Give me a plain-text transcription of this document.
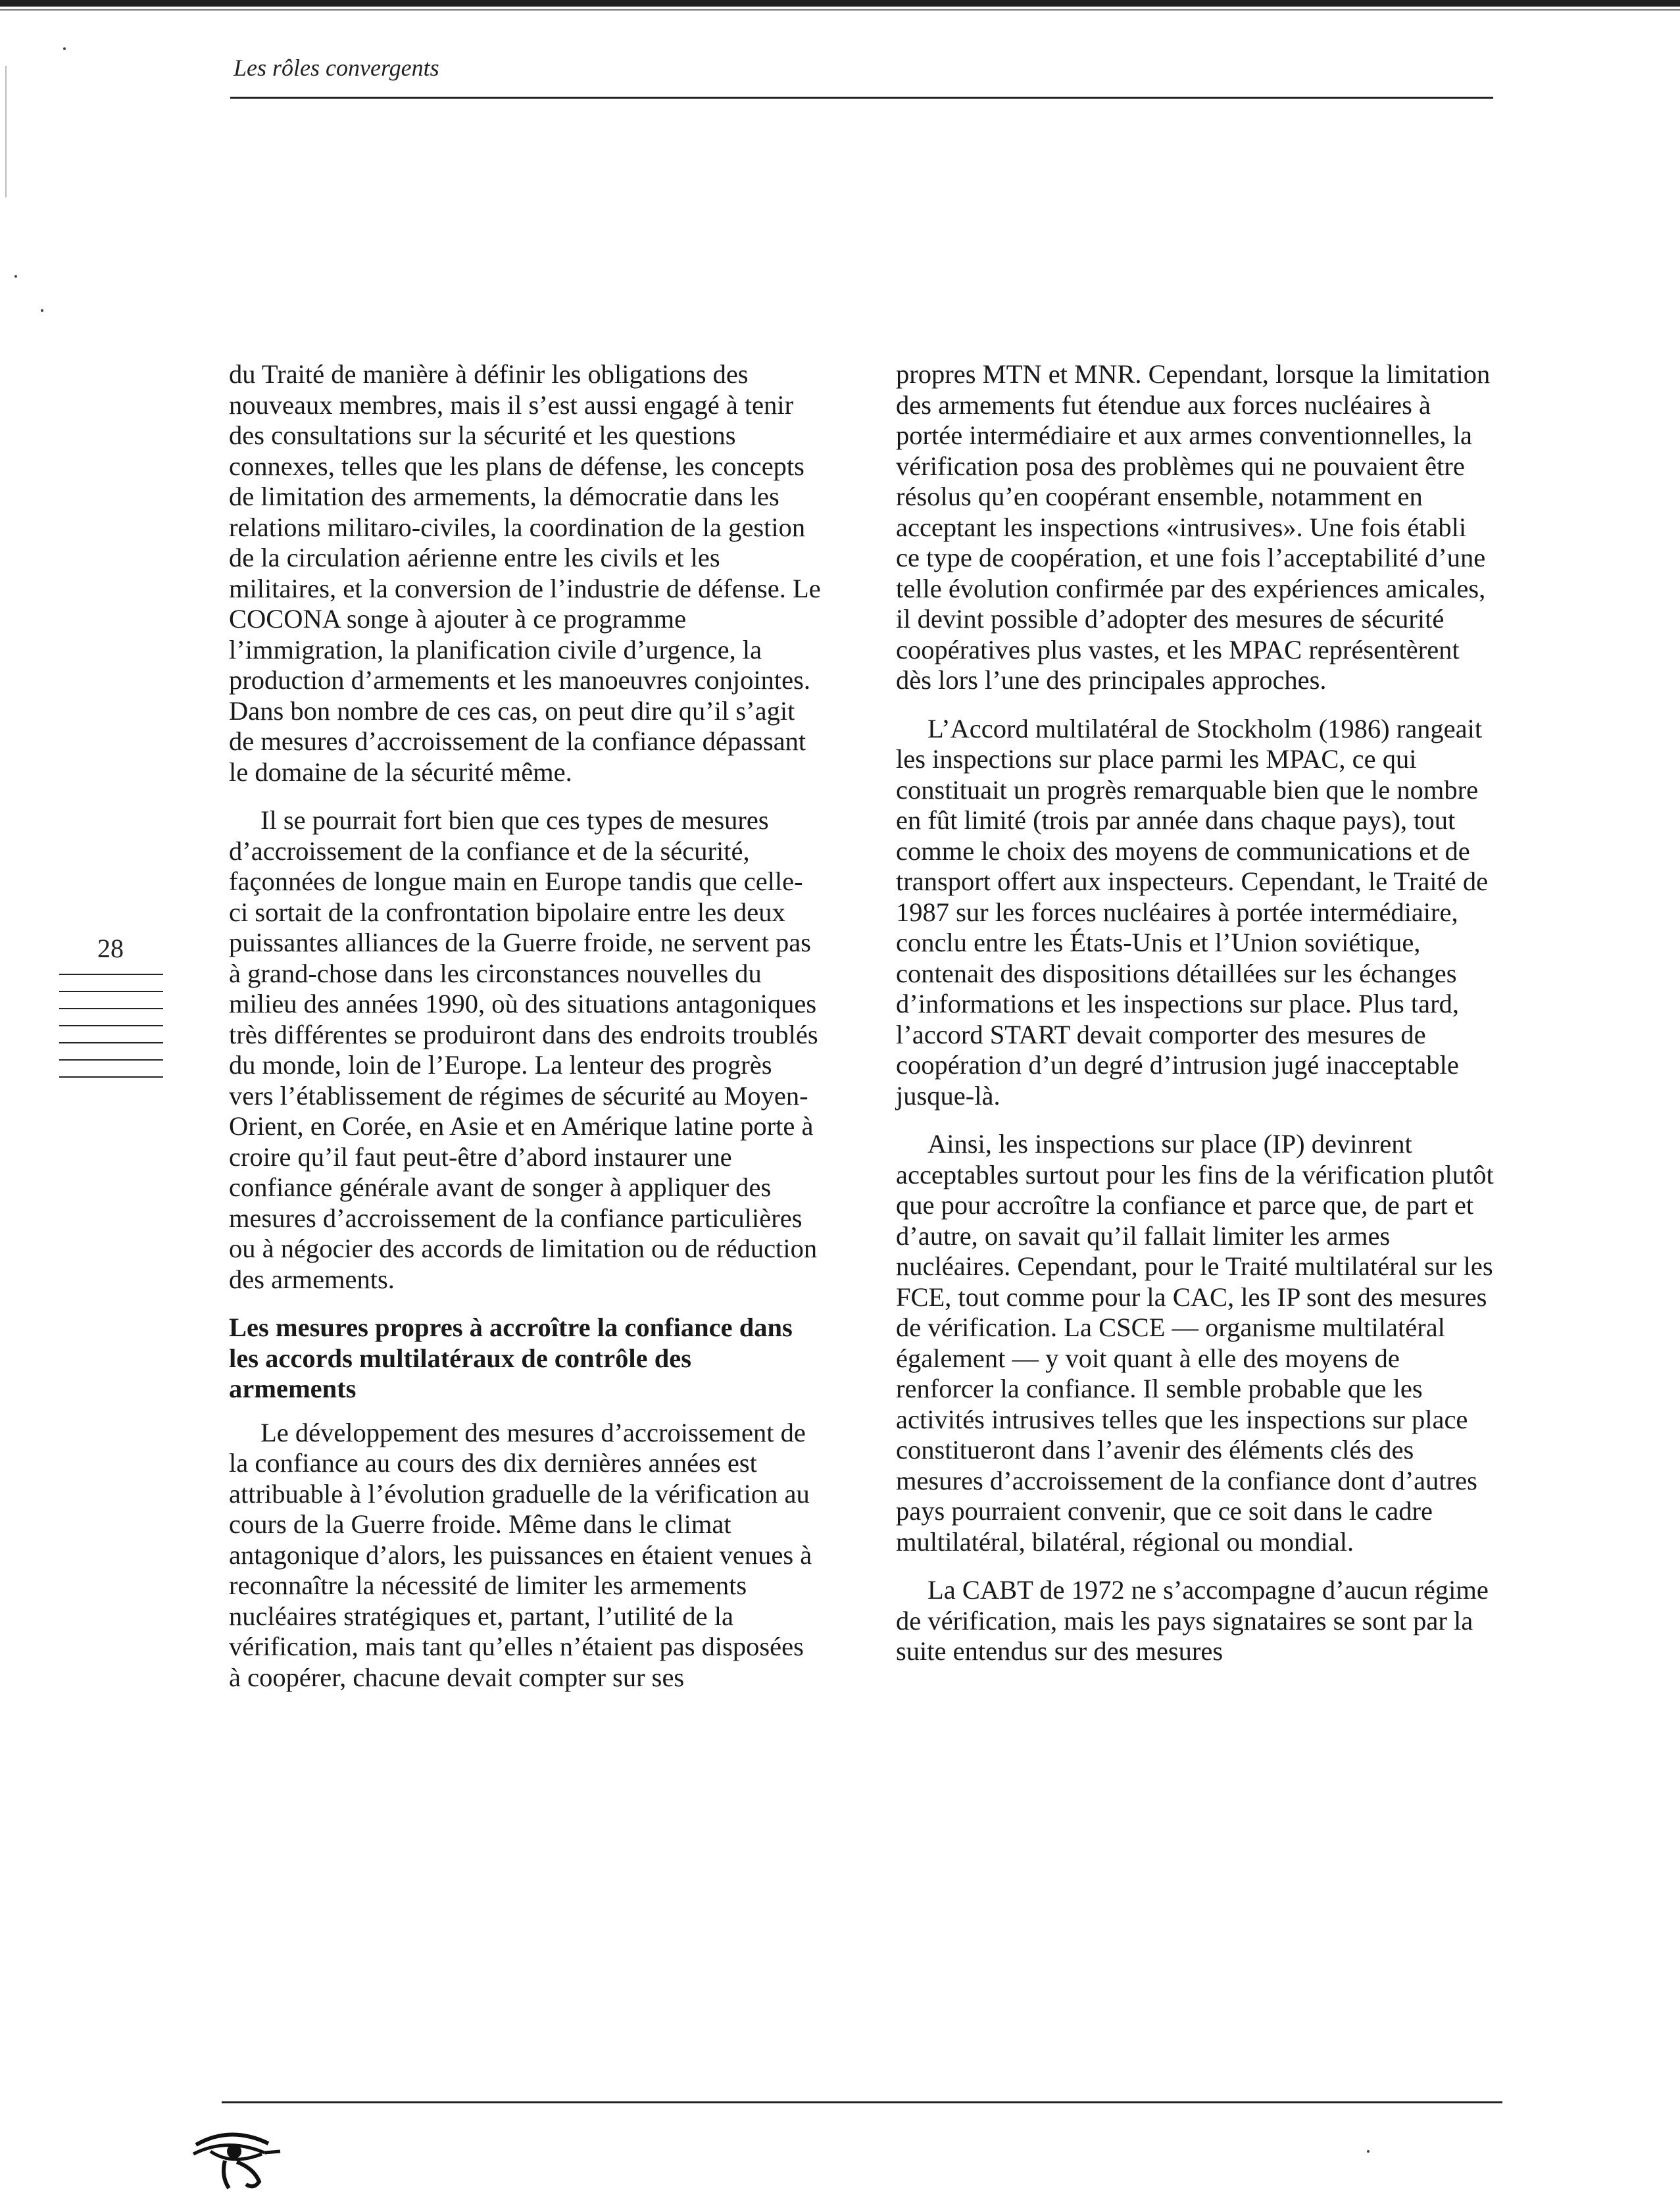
Les rôles convergents

du Traité de manière à définir les obligations des nouveaux membres, mais il s’est aussi engagé à tenir des consultations sur la sécurité et les questions connexes, telles que les plans de défense, les concepts de limitation des armements, la démocratie dans les relations militaro-civiles, la coordination de la gestion de la circulation aérienne entre les civils et les militaires, et la conversion de l’industrie de défense. Le COCONA songe à ajouter à ce programme l’immigration, la planification civile d’urgence, la production d’armements et les manoeuvres conjointes. Dans bon nombre de ces cas, on peut dire qu’il s’agit de mesures d’accroissement de la confiance dépassant le domaine de la sécurité même.

Il se pourrait fort bien que ces types de mesures d’accroissement de la confiance et de la sécurité, façonnées de longue main en Europe tandis que celle-ci sortait de la confrontation bipolaire entre les deux puissantes alliances de la Guerre froide, ne servent pas à grand-chose dans les circonstances nouvelles du milieu des années 1990, où des situations antagoniques très différentes se produiront dans des endroits troublés du monde, loin de l’Europe. La lenteur des progrès vers l’établissement de régimes de sécurité au Moyen-Orient, en Corée, en Asie et en Amérique latine porte à croire qu’il faut peut-être d’abord instaurer une confiance générale avant de songer à appliquer des mesures d’accroissement de la confiance particulières ou à négocier des accords de limitation ou de réduction des armements.

Les mesures propres à accroître la confiance dans les accords multilatéraux de contrôle des armements

Le développement des mesures d’accroissement de la confiance au cours des dix dernières années est attribuable à l’évolution graduelle de la vérification au cours de la Guerre froide. Même dans le climat antagonique d’alors, les puissances en étaient venues à reconnaître la nécessité de limiter les armements nucléaires stratégiques et, partant, l’utilité de la vérification, mais tant qu’elles n’étaient pas disposées à coopérer, chacune devait compter sur ses

propres MTN et MNR. Cependant, lorsque la limitation des armements fut étendue aux forces nucléaires à portée intermédiaire et aux armes conventionnelles, la vérification posa des problèmes qui ne pouvaient être résolus qu’en coopérant ensemble, notamment en acceptant les inspections «intrusives». Une fois établi ce type de coopération, et une fois l’acceptabilité d’une telle évolution confirmée par des expériences amicales, il devint possible d’adopter des mesures de sécurité coopératives plus vastes, et les MPAC représentèrent dès lors l’une des principales approches.

L’Accord multilatéral de Stockholm (1986) rangeait les inspections sur place parmi les MPAC, ce qui constituait un progrès remarquable bien que le nombre en fût limité (trois par année dans chaque pays), tout comme le choix des moyens de communications et de transport offert aux inspecteurs. Cependant, le Traité de 1987 sur les forces nucléaires à portée intermédiaire, conclu entre les États-Unis et l’Union soviétique, contenait des dispositions détaillées sur les échanges d’informations et les inspections sur place. Plus tard, l’accord START devait comporter des mesures de coopération d’un degré d’intrusion jugé inacceptable jusque-là.

Ainsi, les inspections sur place (IP) devinrent acceptables surtout pour les fins de la vérification plutôt que pour accroître la confiance et parce que, de part et d’autre, on savait qu’il fallait limiter les armes nucléaires. Cependant, pour le Traité multilatéral sur les FCE, tout comme pour la CAC, les IP sont des mesures de vérification. La CSCE — organisme multilatéral également — y voit quant à elle des moyens de renforcer la confiance. Il semble probable que les activités intrusives telles que les inspections sur place constitueront dans l’avenir des éléments clés des mesures d’accroissement de la confiance dont d’autres pays pourraient convenir, que ce soit dans le cadre multilatéral, bilatéral, régional ou mondial.

La CABT de 1972 ne s’accompagne d’aucun régime de vérification, mais les pays signataires se sont par la suite entendus sur des mesures

28
